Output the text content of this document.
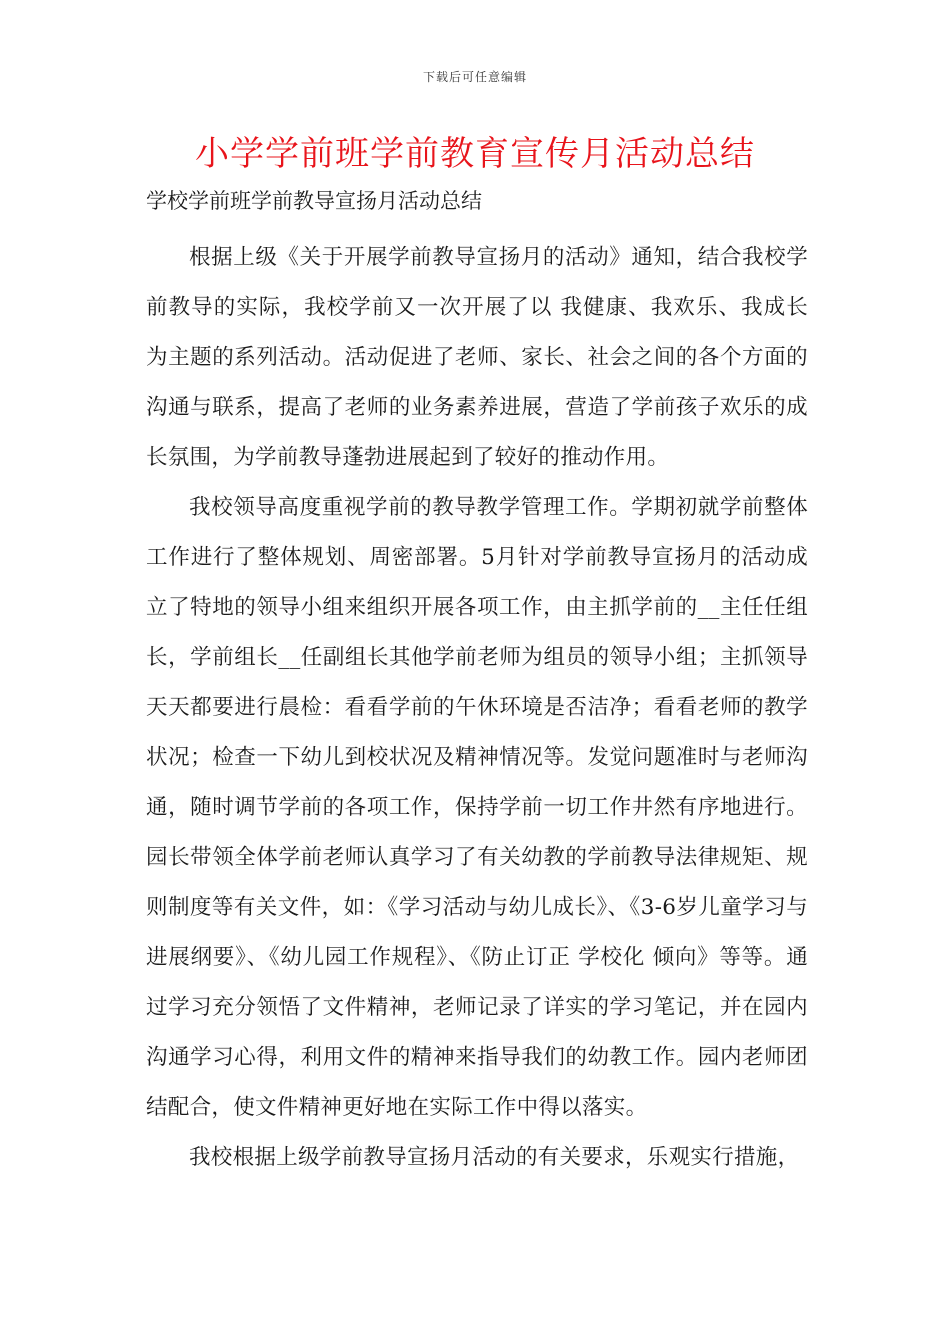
下载后可任意编辑
小学学前班学前教育宣传月活动总结
学校学前班学前教导宣扬月活动总结

根据上级《关于开展学前教导宣扬月的活动》通知，结合我校学前教导的实际，我校学前又一次开展了以 我健康、我欢乐、我成长 为主题的系列活动。活动促进了老师、家长、社会之间的各个方面的沟通与联系，提高了老师的业务素养进展，营造了学前孩子欢乐的成长氛围，为学前教导蓬勃进展起到了较好的推动作用。

我校领导高度重视学前的教导教学管理工作。学期初就学前整体工作进行了整体规划、周密部署。5月针对学前教导宣扬月的活动成立了特地的领导小组来组织开展各项工作，由主抓学前的__主任任组长，学前组长__任副组长其他学前老师为组员的领导小组；主抓领导天天都要进行晨检：看看学前的午休环境是否洁净；看看老师的教学状况；检查一下幼儿到校状况及精神情况等。发觉问题准时与老师沟通，随时调节学前的各项工作，保持学前一切工作井然有序地进行。园长带领全体学前老师认真学习了有关幼教的学前教导法律规矩、规则制度等有关文件，如：《学习活动与幼儿成长》、《3-6岁儿童学习与进展纲要》、《幼儿园工作规程》、《防止订正 学校化 倾向》等等。通过学习充分领悟了文件精神，老师记录了详实的学习笔记，并在园内沟通学习心得，利用文件的精神来指导我们的幼教工作。园内老师团结配合，使文件精神更好地在实际工作中得以落实。

我校根据上级学前教导宣扬月活动的有关要求，乐观实行措施，
